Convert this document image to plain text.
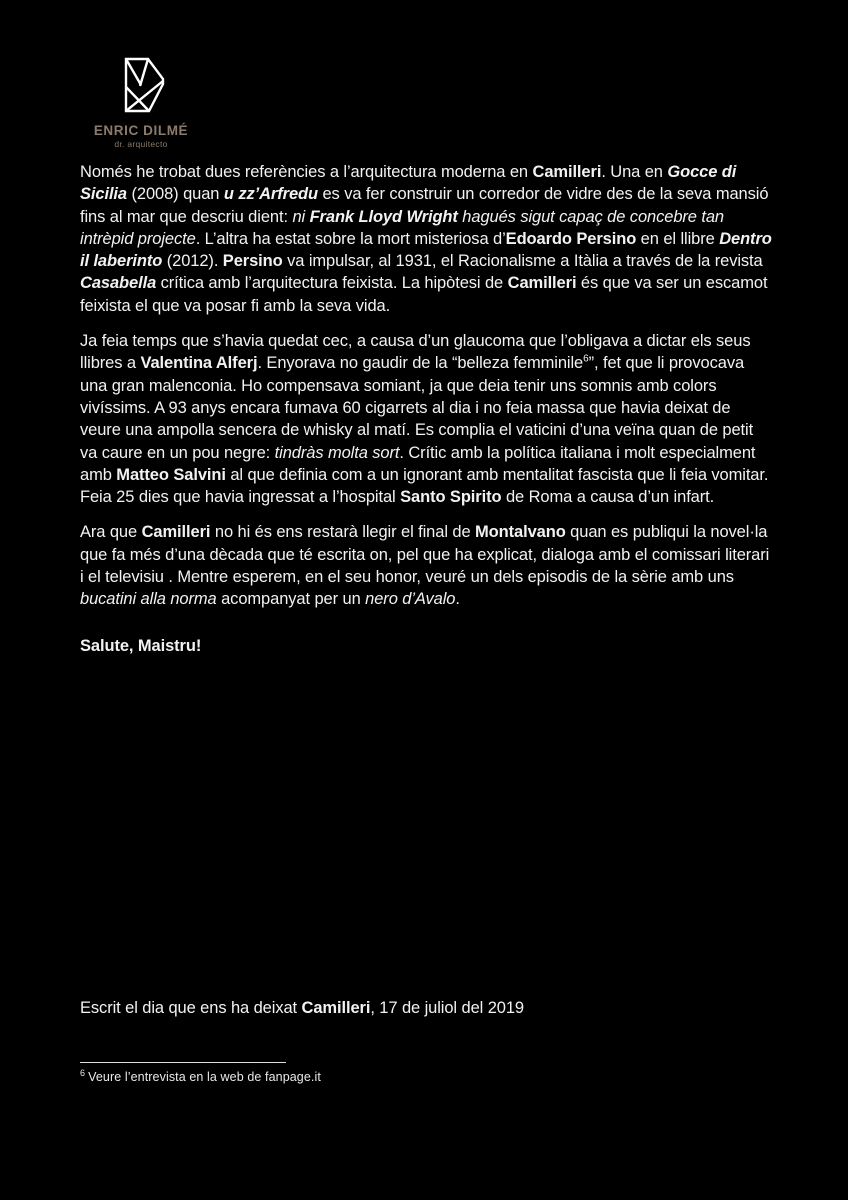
ENRIC DILMÉ
dr. arquitecto

Només he trobat dues referències a l’arquitectura moderna en Camilleri. Una en Gocce di Sicilia (2008) quan u zz’Arfredu es va fer construir un corredor de vidre des de la seva mansió fins al mar que descriu dient: ni Frank Lloyd Wright hagués sigut capaç de concebre tan intrèpid projecte. L’altra ha estat sobre la mort misteriosa d’Edoardo Persino en el llibre Dentro il laberinto (2012). Persino va impulsar, al 1931, el Racionalisme a Itàlia a través de la revista Casabella crítica amb l’arquitectura feixista. La hipòtesi de Camilleri és que va ser un escamot feixista el que va posar fi amb la seva vida.

Ja feia temps que s’havia quedat cec, a causa d’un glaucoma que l’obligava a dictar els seus llibres a Valentina Alferj. Enyorava no gaudir de la “belleza femminile$^6$”, fet que li provocava una gran malenconia. Ho compensava somiant, ja que deia tenir uns somnis amb colors vivíssims. A 93 anys encara fumava 60 cigarrets al dia i no feia massa que havia deixat de veure una ampolla sencera de whisky al matí. Es complia el vaticini d’una veïna quan de petit va caure en un pou negre: tindràs molta sort. Crític amb la política italiana i molt especialment amb Matteo Salvini al que definia com a un ignorant amb mentalitat fascista que li feia vomitar. Feia 25 dies que havia ingressat a l’hospital Santo Spirito de Roma a causa d’un infart.

Ara que Camilleri no hi és ens restarà llegir el final de Montalvano quan es publiqui la novel·la que fa més d’una dècada que té escrita on, pel que ha explicat, dialoga amb el comissari literari i el televisiu . Mentre esperem, en el seu honor, veuré un dels episodis de la sèrie amb uns bucatini alla norma acompanyat per un nero d’Avalo.

Salute, Maistru!

Escrit el dia que ens ha deixat Camilleri, 17 de juliol del 2019
$^6$ Veure l’entrevista en la web de fanpage.it
